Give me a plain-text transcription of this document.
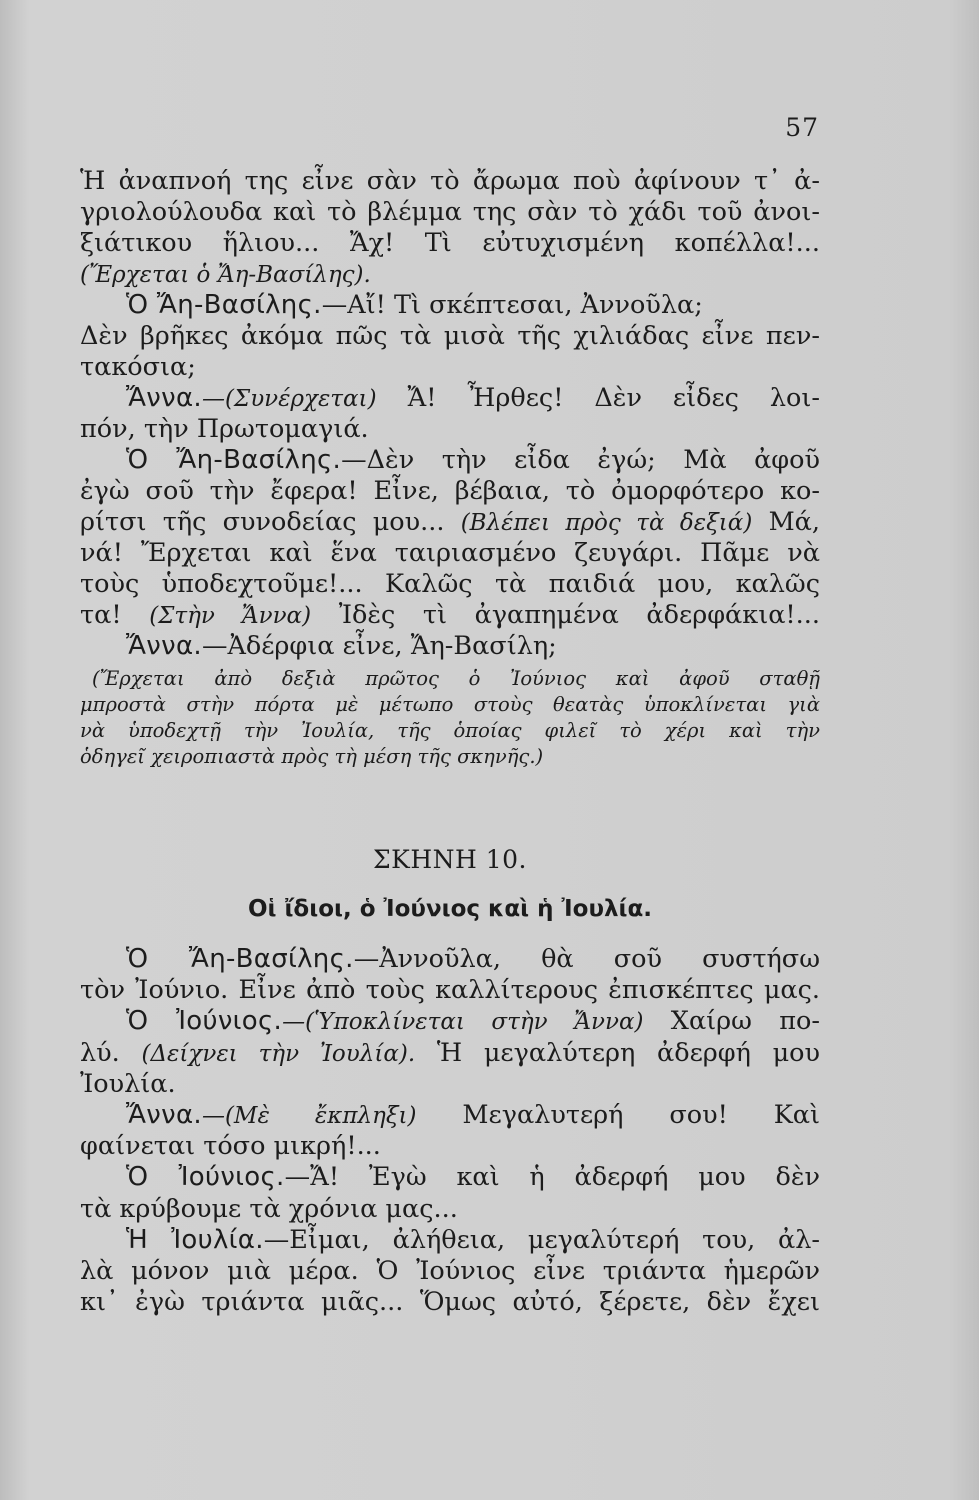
57
Ἡ ἀναπνοή της εἶνε σὰν τὸ ἄρωμα ποὺ ἀφίνουν τ᾽ ἀ-
γριολούλουδα καὶ τὸ βλέμμα της σὰν τὸ χάδι τοῦ ἀνοι-
ξιάτικου ἥλιου... Ἄχ! Τὶ εὐτυχισμένη κοπέλλα!...
(Ἔρχεται ὁ Ἄη-Βασίλης).
Ὁ Ἄη-Βασίλης.—Αἴ! Τὶ σκέπτεσαι, Ἀννοῦλα;
Δὲν βρῆκες ἀκόμα πῶς τὰ μισὰ τῆς χιλιάδας εἶνε πεν-
τακόσια;
Ἄννα.—(Συνέρχεται) Ἄ! Ἦρθες! Δὲν εἶδες λοι-
πόν, τὴν Πρωτομαγιά.
Ὁ Ἄη-Βασίλης.—Δὲν τὴν εἶδα ἐγώ; Μὰ ἀφοῦ
ἐγὼ σοῦ τὴν ἔφερα! Εἶνε, βέβαια, τὸ ὀμορφότερο κο-
ρίτσι τῆς συνοδείας μου... (Βλέπει πρὸς τὰ δεξιά) Μά,
νά! Ἔρχεται καὶ ἕνα ταιριασμένο ζευγάρι. Πᾶμε νὰ
τοὺς ὑποδεχτοῦμε!... Καλῶς τὰ παιδιά μου, καλῶς
τα! (Στὴν Ἄννα) Ἰδὲς τὶ ἀγαπημένα ἀδερφάκια!...
Ἄννα.—Ἀδέρφια εἶνε, Ἄη-Βασίλη;
(Ἔρχεται ἀπὸ δεξιὰ πρῶτος ὁ Ἰούνιος καὶ ἀφοῦ σταθῇ
μπροστὰ στὴν πόρτα μὲ μέτωπο στοὺς θεατὰς ὑποκλίνεται γιὰ
νὰ ὑποδεχτῇ τὴν Ἰουλία, τῆς ὁποίας φιλεῖ τὸ χέρι καὶ τὴν
ὁδηγεῖ χειροπιαστὰ πρὸς τὴ μέση τῆς σκηνῆς.)
ΣΚΗΝΗ 10.
Οἱ ἴδιοι, ὁ Ἰούνιος καὶ ἡ Ἰουλία.
Ὁ Ἄη-Βασίλης.—Ἀννοῦλα, θὰ σοῦ συστήσω
τὸν Ἰούνιο. Εἶνε ἀπὸ τοὺς καλλίτερους ἐπισκέπτες μας.
Ὁ Ἰούνιος.—(Ὑποκλίνεται στὴν Ἄννα) Χαίρω πο-
λύ. (Δείχνει τὴν Ἰουλία). Ἡ μεγαλύτερη ἀδερφή μου
Ἰουλία.
Ἄννα.—(Μὲ ἔκπληξι) Μεγαλυτερή σου! Καὶ
φαίνεται τόσο μικρή!...
Ὁ Ἰούνιος.—Ἄ! Ἐγὼ καὶ ἡ ἀδερφή μου δὲν
τὰ κρύβουμε τὰ χρόνια μας...
Ἡ Ἰουλία.—Εἶμαι, ἀλήθεια, μεγαλύτερή του, ἀλ-
λὰ μόνον μιὰ μέρα. Ὁ Ἰούνιος εἶνε τριάντα ἡμερῶν
κι᾽ ἐγὼ τριάντα μιᾶς... Ὅμως αὐτό, ξέρετε, δὲν ἔχει
